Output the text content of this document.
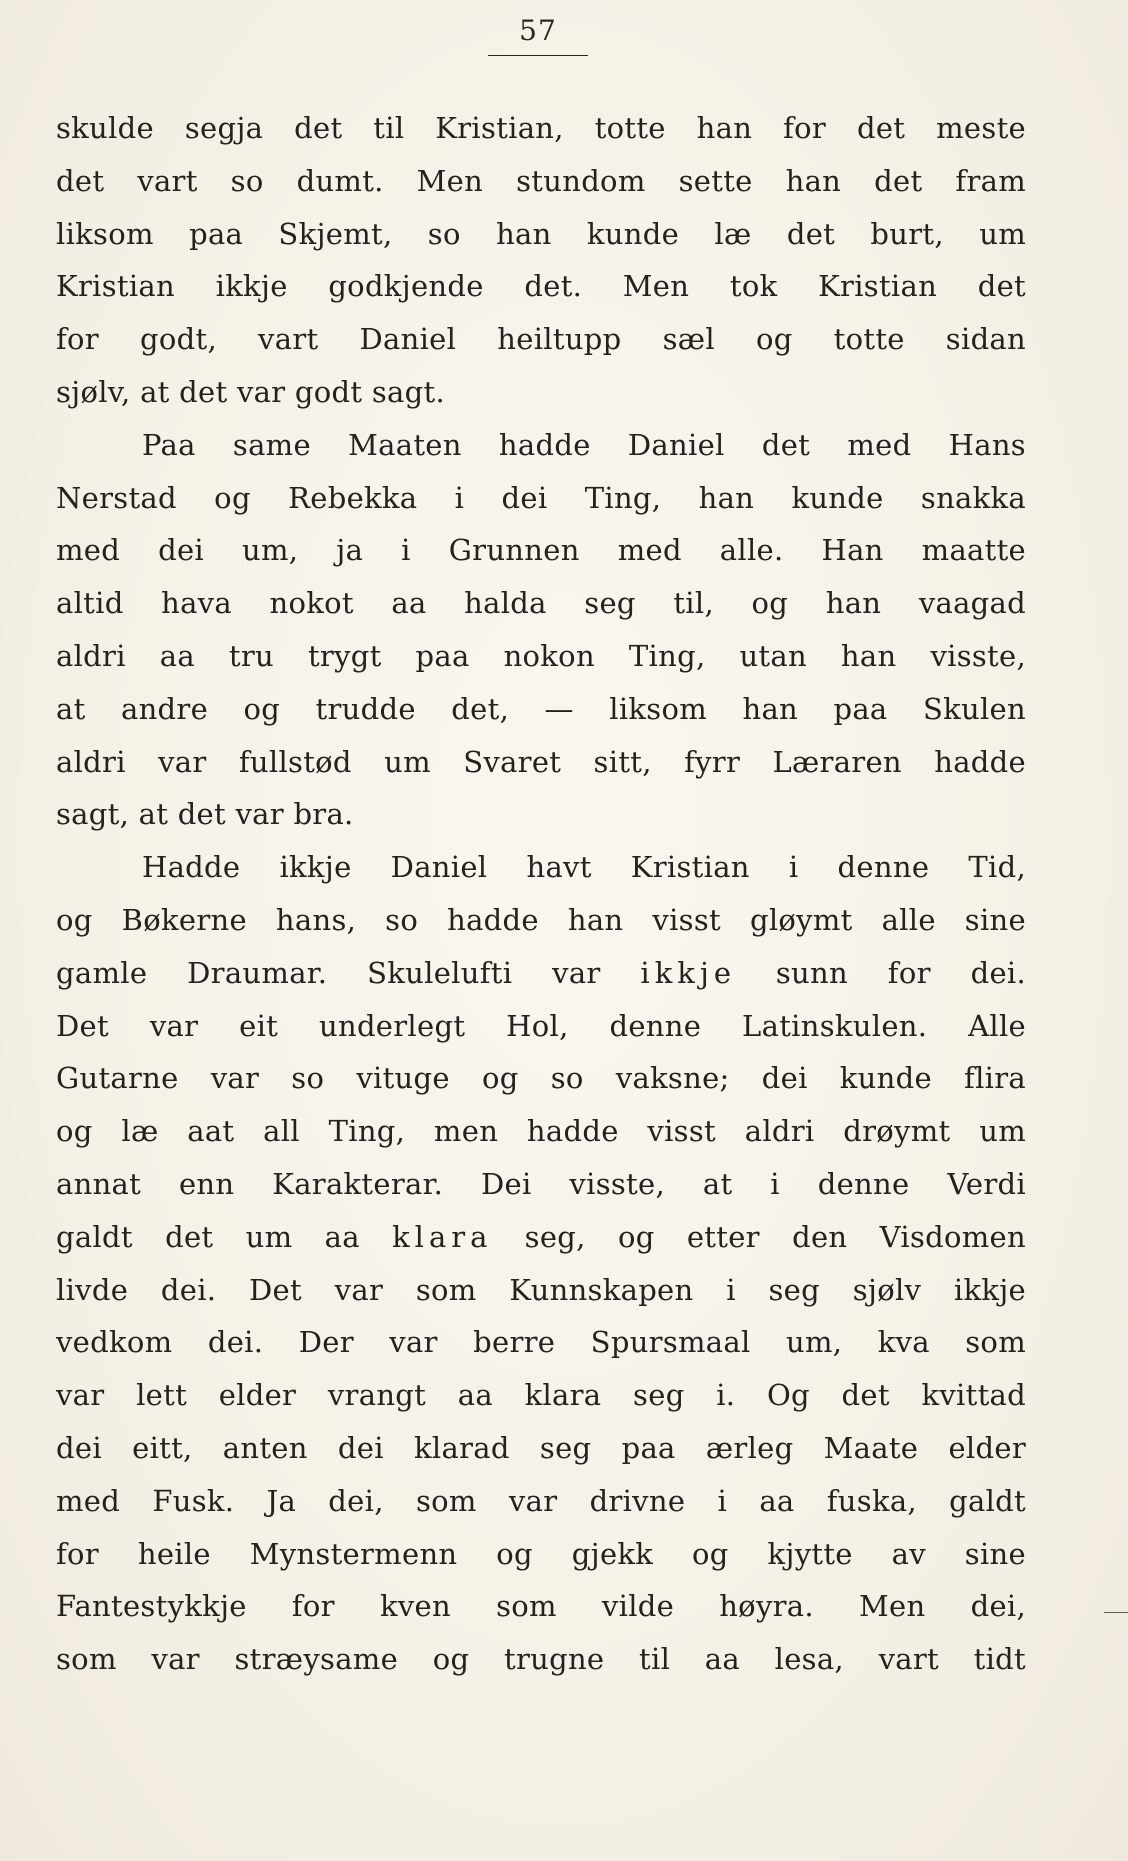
57
skulde segja det til Kristian, totte han for det meste
det vart so dumt. Men stundom sette han det fram
liksom paa Skjemt, so han kunde læ det burt, um
Kristian ikkje godkjende det. Men tok Kristian det
for godt, vart Daniel heiltupp sæl og totte sidan
sjølv, at det var godt sagt.
Paa same Maaten hadde Daniel det med Hans
Nerstad og Rebekka i dei Ting, han kunde snakka
med dei um, ja i Grunnen med alle. Han maatte
altid hava nokot aa halda seg til, og han vaagad
aldri aa tru trygt paa nokon Ting, utan han visste,
at andre og trudde det, — liksom han paa Skulen
aldri var fullstød um Svaret sitt, fyrr Læraren hadde
sagt, at det var bra.
Hadde ikkje Daniel havt Kristian i denne Tid,
og Bøkerne hans, so hadde han visst gløymt alle sine
gamle Draumar. Skulelufti var ikkje sunn for dei.
Det var eit underlegt Hol, denne Latinskulen. Alle
Gutarne var so vituge og so vaksne; dei kunde flira
og læ aat all Ting, men hadde visst aldri drøymt um
annat enn Karakterar. Dei visste, at i denne Verdi
galdt det um aa klara seg, og etter den Visdomen
livde dei. Det var som Kunnskapen i seg sjølv ikkje
vedkom dei. Der var berre Spursmaal um, kva som
var lett elder vrangt aa klara seg i. Og det kvittad
dei eitt, anten dei klarad seg paa ærleg Maate elder
med Fusk. Ja dei, som var drivne i aa fuska, galdt
for heile Mynstermenn og gjekk og kjytte av sine
Fantestykkje for kven som vilde høyra. Men dei,
som var stræysame og trugne til aa lesa, vart tidt
